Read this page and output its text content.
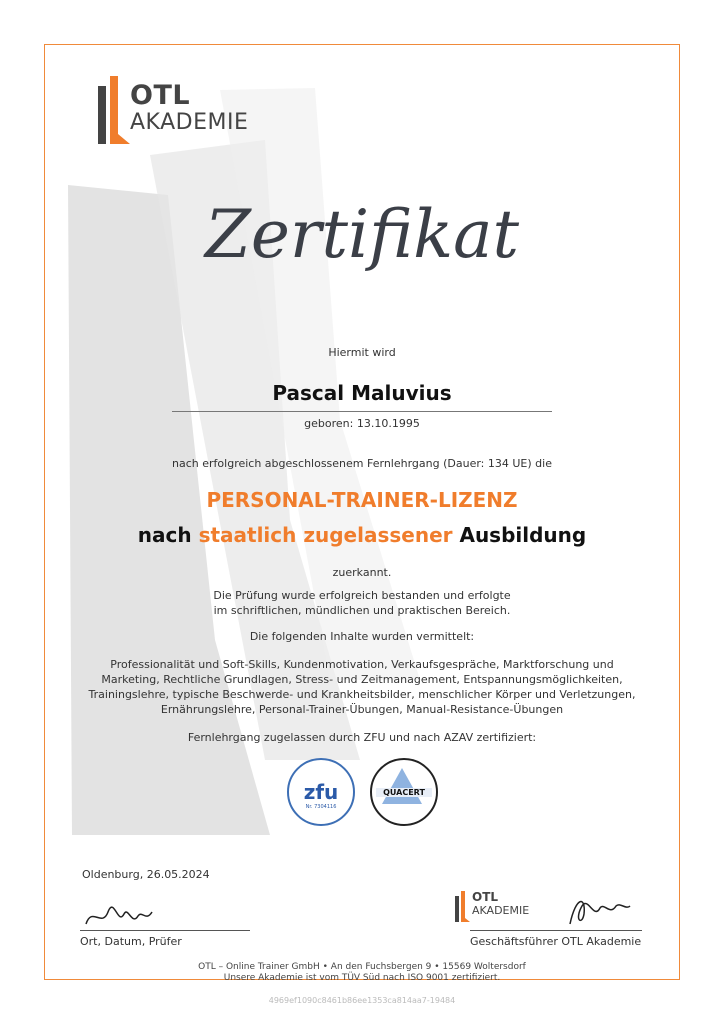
OTL
AKADEMIE
Zertifikat
Hiermit wird
Pascal Maluvius
geboren: 13.10.1995
nach erfolgreich abgeschlossenem Fernlehrgang (Dauer: 134 UE) die
PERSONAL-TRAINER-LIZENZ
nach staatlich zugelassener Ausbildung
zuerkannt.
Die Prüfung wurde erfolgreich bestanden und erfolgte
im schriftlichen, mündlichen und praktischen Bereich.
Die folgenden Inhalte wurden vermittelt:
Professionalität und Soft-Skills, Kundenmotivation, Verkaufsgespräche, Marktforschung und
Marketing, Rechtliche Grundlagen, Stress- und Zeitmanagement, Entspannungsmöglichkeiten,
Trainingslehre, typische Beschwerde- und Krankheitsbilder, menschlicher Körper und Verletzungen,
Ernährungslehre, Personal-Trainer-Übungen, Manual-Resistance-Übungen
Fernlehrgang zugelassen durch ZFU und nach AZAV zertifiziert:
zfu
Nr. 7304116
QUACERT
Oldenburg, 26.05.2024
Ort, Datum, Prüfer
OTL
AKADEMIE
Geschäftsführer OTL Akademie
OTL – Online Trainer GmbH • An den Fuchsbergen 9 • 15569 Woltersdorf
Unsere Akademie ist vom TÜV Süd nach ISO 9001 zertifiziert.
4969ef1090c8461b86ee1353ca814aa7-19484
